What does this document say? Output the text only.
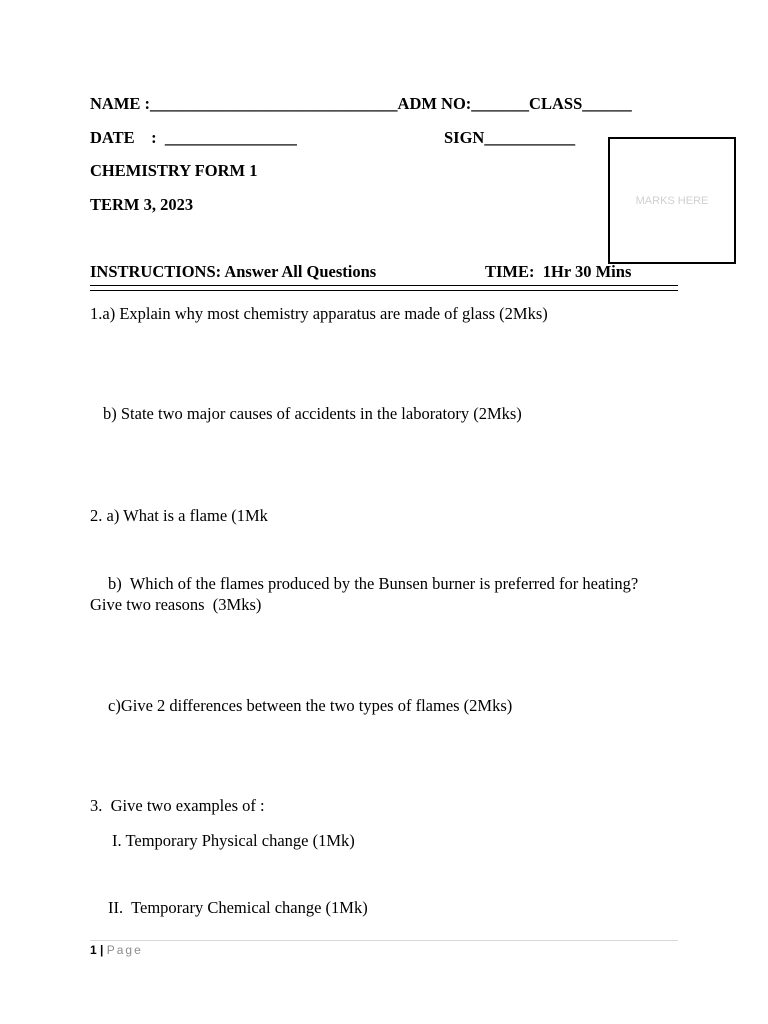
NAME :______________________________ADM NO:_______CLASS______
DATE    :  ________________	SIGN___________
CHEMISTRY FORM 1
TERM 3, 2023	MARKS HERE
INSTRUCTIONS: Answer All Questions	TIME:  1Hr 30 Mins
1.a) Explain why most chemistry apparatus are made of glass (2Mks)
b) State two major causes of accidents in the laboratory (2Mks)
2. a) What is a flame (1Mk
b)  Which of the flames produced by the Bunsen burner is preferred for heating?
Give two reasons  (3Mks)
c)Give 2 differences between the two types of flames (2Mks)
3.  Give two examples of :
I. Temporary Physical change (1Mk)
II.  Temporary Chemical change (1Mk)
1 | Page
